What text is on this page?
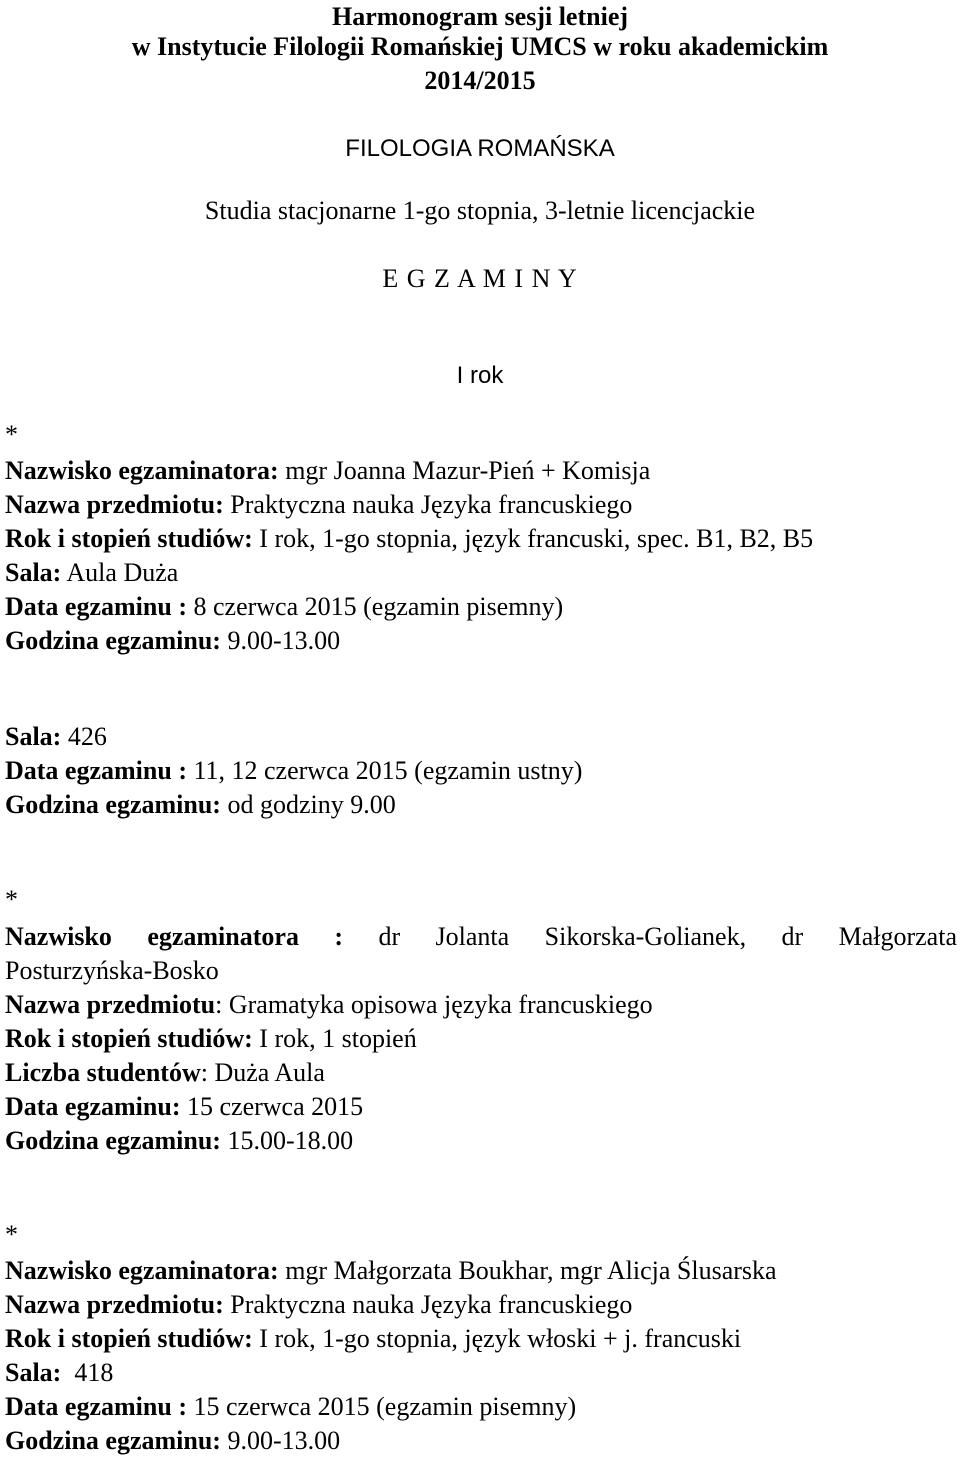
Harmonogram sesji letniej
w Instytucie Filologii Romańskiej UMCS w roku akademickim
2014/2015
FILOLOGIA ROMAŃSKA
Studia stacjonarne 1-go stopnia, 3-letnie licencjackie
E G Z A M I N Y
I rok
*
Nazwisko egzaminatora: mgr Joanna Mazur-Pień + Komisja
Nazwa przedmiotu: Praktyczna nauka Języka francuskiego
Rok i stopień studiów: I rok, 1-go stopnia, język francuski, spec. B1, B2, B5
Sala: Aula Duża
Data egzaminu : 8 czerwca 2015 (egzamin pisemny)
Godzina egzaminu: 9.00-13.00
Sala: 426
Data egzaminu : 11, 12 czerwca 2015 (egzamin ustny)
Godzina egzaminu: od godziny 9.00
*
Nazwisko egzaminatora : dr Jolanta Sikorska-Golianek, dr Małgorzata
Posturzyńska-Bosko
Nazwa przedmiotu: Gramatyka opisowa języka francuskiego
Rok i stopień studiów: I rok, 1 stopień
Liczba studentów: Duża Aula
Data egzaminu: 15 czerwca 2015
Godzina egzaminu: 15.00-18.00
*
Nazwisko egzaminatora: mgr Małgorzata Boukhar, mgr Alicja Ślusarska
Nazwa przedmiotu: Praktyczna nauka Języka francuskiego
Rok i stopień studiów: I rok, 1-go stopnia, język włoski + j. francuski
Sala:  418
Data egzaminu : 15 czerwca 2015 (egzamin pisemny)
Godzina egzaminu: 9.00-13.00
